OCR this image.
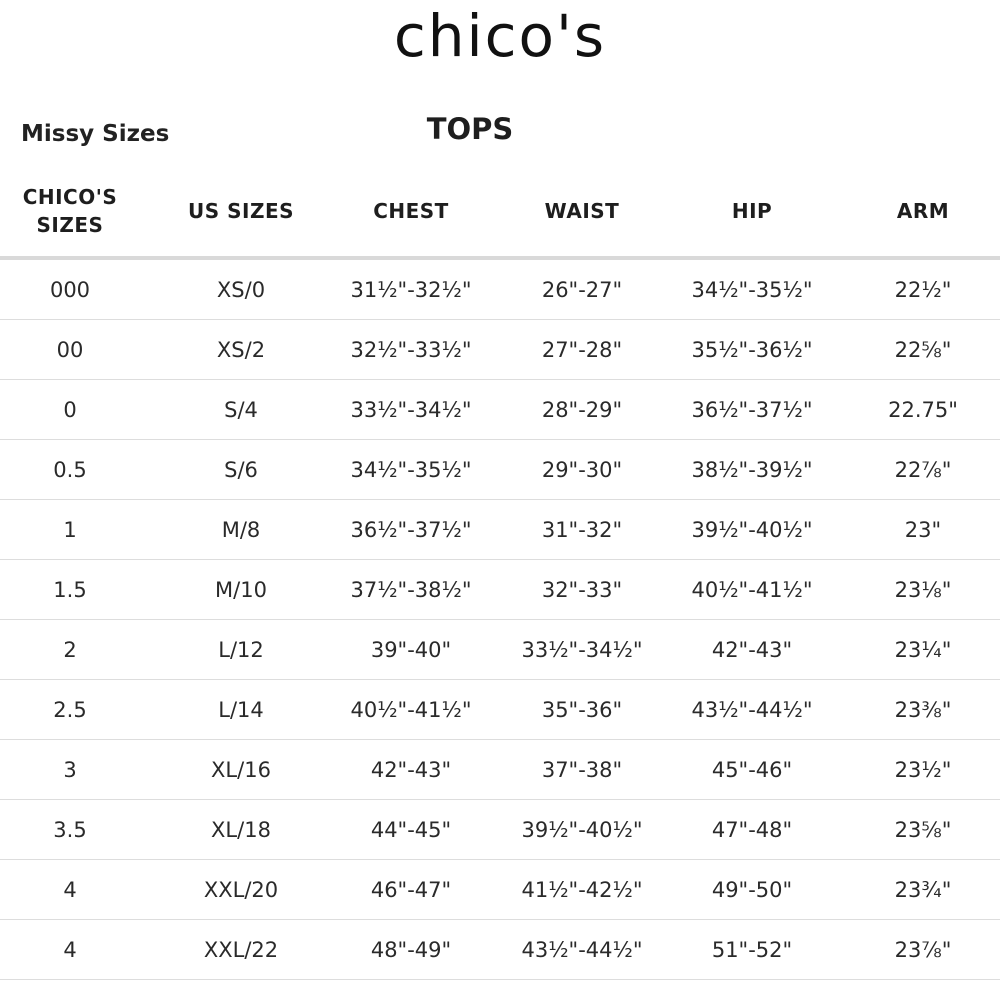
chico's
Missy Sizes	TOPS
CHICO'S
SIZES
US SIZES	CHEST	WAIST	HIP	ARM
000	XS/0	31½"-32½"	26"-27"	34½"-35½"	22½"
00	XS/2	32½"-33½"	27"-28"	35½"-36½"	22⅝"
0	S/4	33½"-34½"	28"-29"	36½"-37½"	22.75"
0.5	S/6	34½"-35½"	29"-30"	38½"-39½"	22⅞"
1	M/8	36½"-37½"	31"-32"	39½"-40½"	23"
1.5	M/10	37½"-38½"	32"-33"	40½"-41½"	23⅛"
2	L/12	39"-40"	33½"-34½"	42"-43"	23¼"
2.5	L/14	40½"-41½"	35"-36"	43½"-44½"	23⅜"
3	XL/16	42"-43"	37"-38"	45"-46"	23½"
3.5	XL/18	44"-45"	39½"-40½"	47"-48"	23⅝"
4	XXL/20	46"-47"	41½"-42½"	49"-50"	23¾"
4	XXL/22	48"-49"	43½"-44½"	51"-52"	23⅞"
